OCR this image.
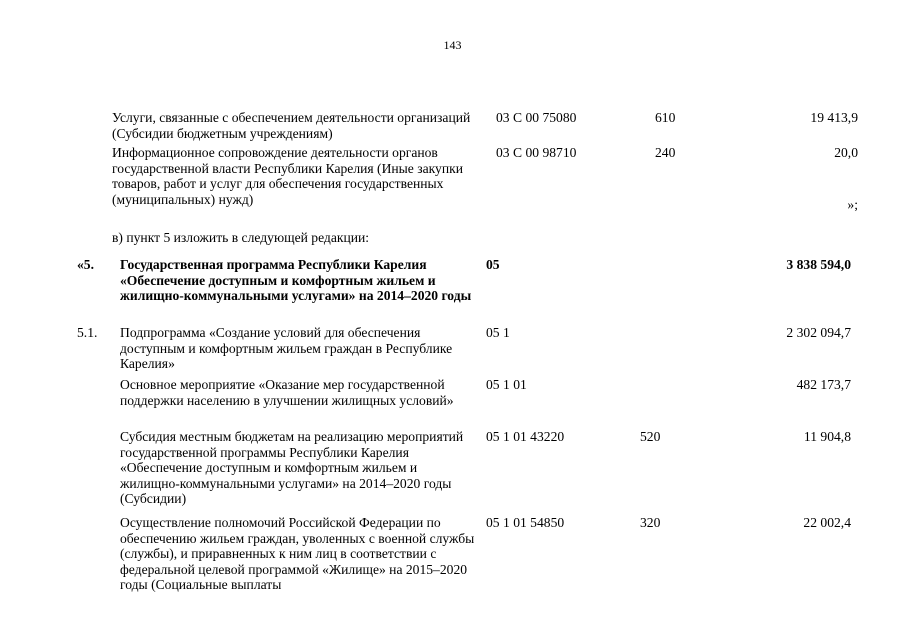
143
Услуги, связанные с обеспечением деятельности организаций (Субсидии бюджетным учреждениям)
03 С 00 75080	610	19 413,9
Информационное сопровождение деятельности органов государственной власти Республики Карелия (Иные закупки товаров, работ и услуг для обеспечения государственных (муниципальных) нужд)
03 С 00 98710	240	20,0
»;
в) пункт 5 изложить в следующей редакции:
«5. Государственная программа Республики Карелия «Обеспечение доступным и комфортным жильем и жилищно-коммунальными услугами» на 2014–2020 годы
05	3 838 594,0
5.1. Подпрограмма «Создание условий для обеспечения доступным и комфортным жильем граждан в Республике Карелия»
05 1	2 302 094,7
Основное мероприятие «Оказание мер государственной поддержки населению в улучшении жилищных условий»
05 1 01	482 173,7
Субсидия местным бюджетам на реализацию мероприятий государственной программы Республики Карелия «Обеспечение доступным и комфортным жильем и жилищно-коммунальными услугами» на 2014–2020 годы (Субсидии)
05 1 01 43220	520	11 904,8
Осуществление полномочий Российской Федерации по обеспечению жильем граждан, уволенных с военной службы (службы), и приравненных к ним лиц в соответствии с федеральной целевой программой «Жилище» на 2015–2020 годы (Социальные выплаты
05 1 01 54850	320	22 002,4
